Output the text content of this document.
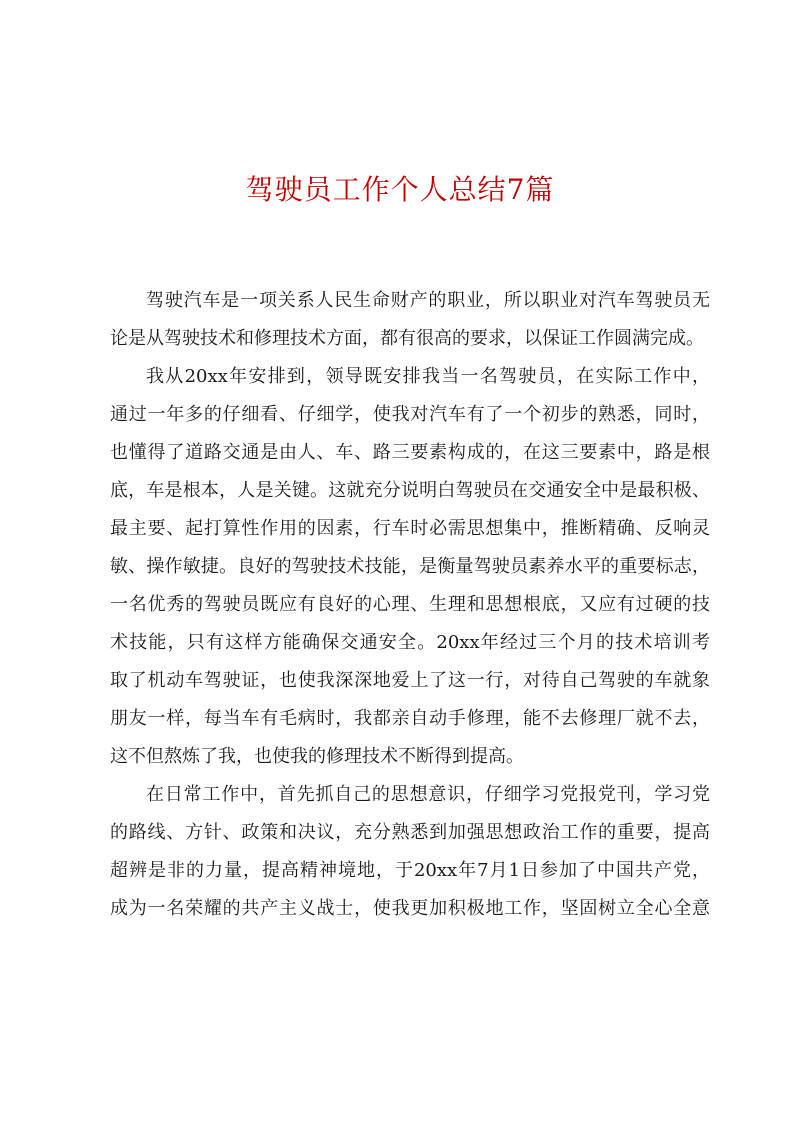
驾驶员工作个人总结7篇
驾驶汽车是一项关系人民生命财产的职业，所以职业对汽车驾驶员无
论是从驾驶技术和修理技术方面，都有很高的要求，以保证工作圆满完成。
我从20xx年安排到，领导既安排我当一名驾驶员，在实际工作中，
通过一年多的仔细看、仔细学，使我对汽车有了一个初步的熟悉，同时，
也懂得了道路交通是由人、车、路三要素构成的，在这三要素中，路是根
底，车是根本，人是关键。这就充分说明白驾驶员在交通安全中是最积极、
最主要、起打算性作用的因素，行车时必需思想集中，推断精确、反响灵
敏、操作敏捷。良好的驾驶技术技能，是衡量驾驶员素养水平的重要标志，
一名优秀的驾驶员既应有良好的心理、生理和思想根底，又应有过硬的技
术技能，只有这样方能确保交通安全。20xx年经过三个月的技术培训考
取了机动车驾驶证，也使我深深地爱上了这一行，对待自己驾驶的车就象
朋友一样，每当车有毛病时，我都亲自动手修理，能不去修理厂就不去，
这不但熬炼了我，也使我的修理技术不断得到提高。
在日常工作中，首先抓自己的思想意识，仔细学习党报党刊，学习党
的路线、方针、政策和决议，充分熟悉到加强思想政治工作的重要，提高
超辨是非的力量，提高精神境地，于20xx年7月1日参加了中国共产党，
成为一名荣耀的共产主义战士，使我更加积极地工作，坚固树立全心全意
